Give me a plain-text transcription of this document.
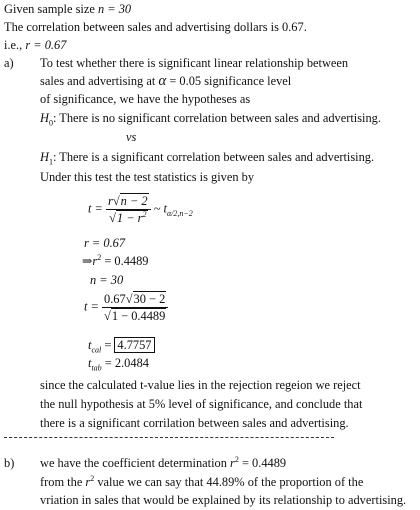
Given sample size n = 30
The correlation between sales and advertising dollars is 0.67.
i.e., r = 0.67
a) To test whether there is significant linear relationship between
sales and advertising at α = 0.05 significance level
of significance, we have the hypotheses as
$H_0$: There is no significant correlation between sales and advertising.
vs
$H_1$: There is a significant correlation between sales and advertising.
Under this test the test statistics is given by
$t = \frac{r√n - 2}{√1 - r^2}$ ~ $t_{\alpha/2,n-2}$
r = 0.67
$\Rightarrow r^2 = 0.4489$
n = 30
$t = \frac{0.67√30 - 2}{√1 - 0.4489}$
$t_{cal} = 4.7757$
$t_{tab} = 2.0484$
since the calculated t-value lies in the rejection regeion we reject
the null hypothesis at 5% level of significance, and conclude that
there is a significant corrilation between sales and advertising.
b) we have the coefficient determination $r^2 = 0.4489$
from the $r^2$ value we can say that 44.89% of the proportion of the
vriation in sales that would be explained by its relationship to advertising.
